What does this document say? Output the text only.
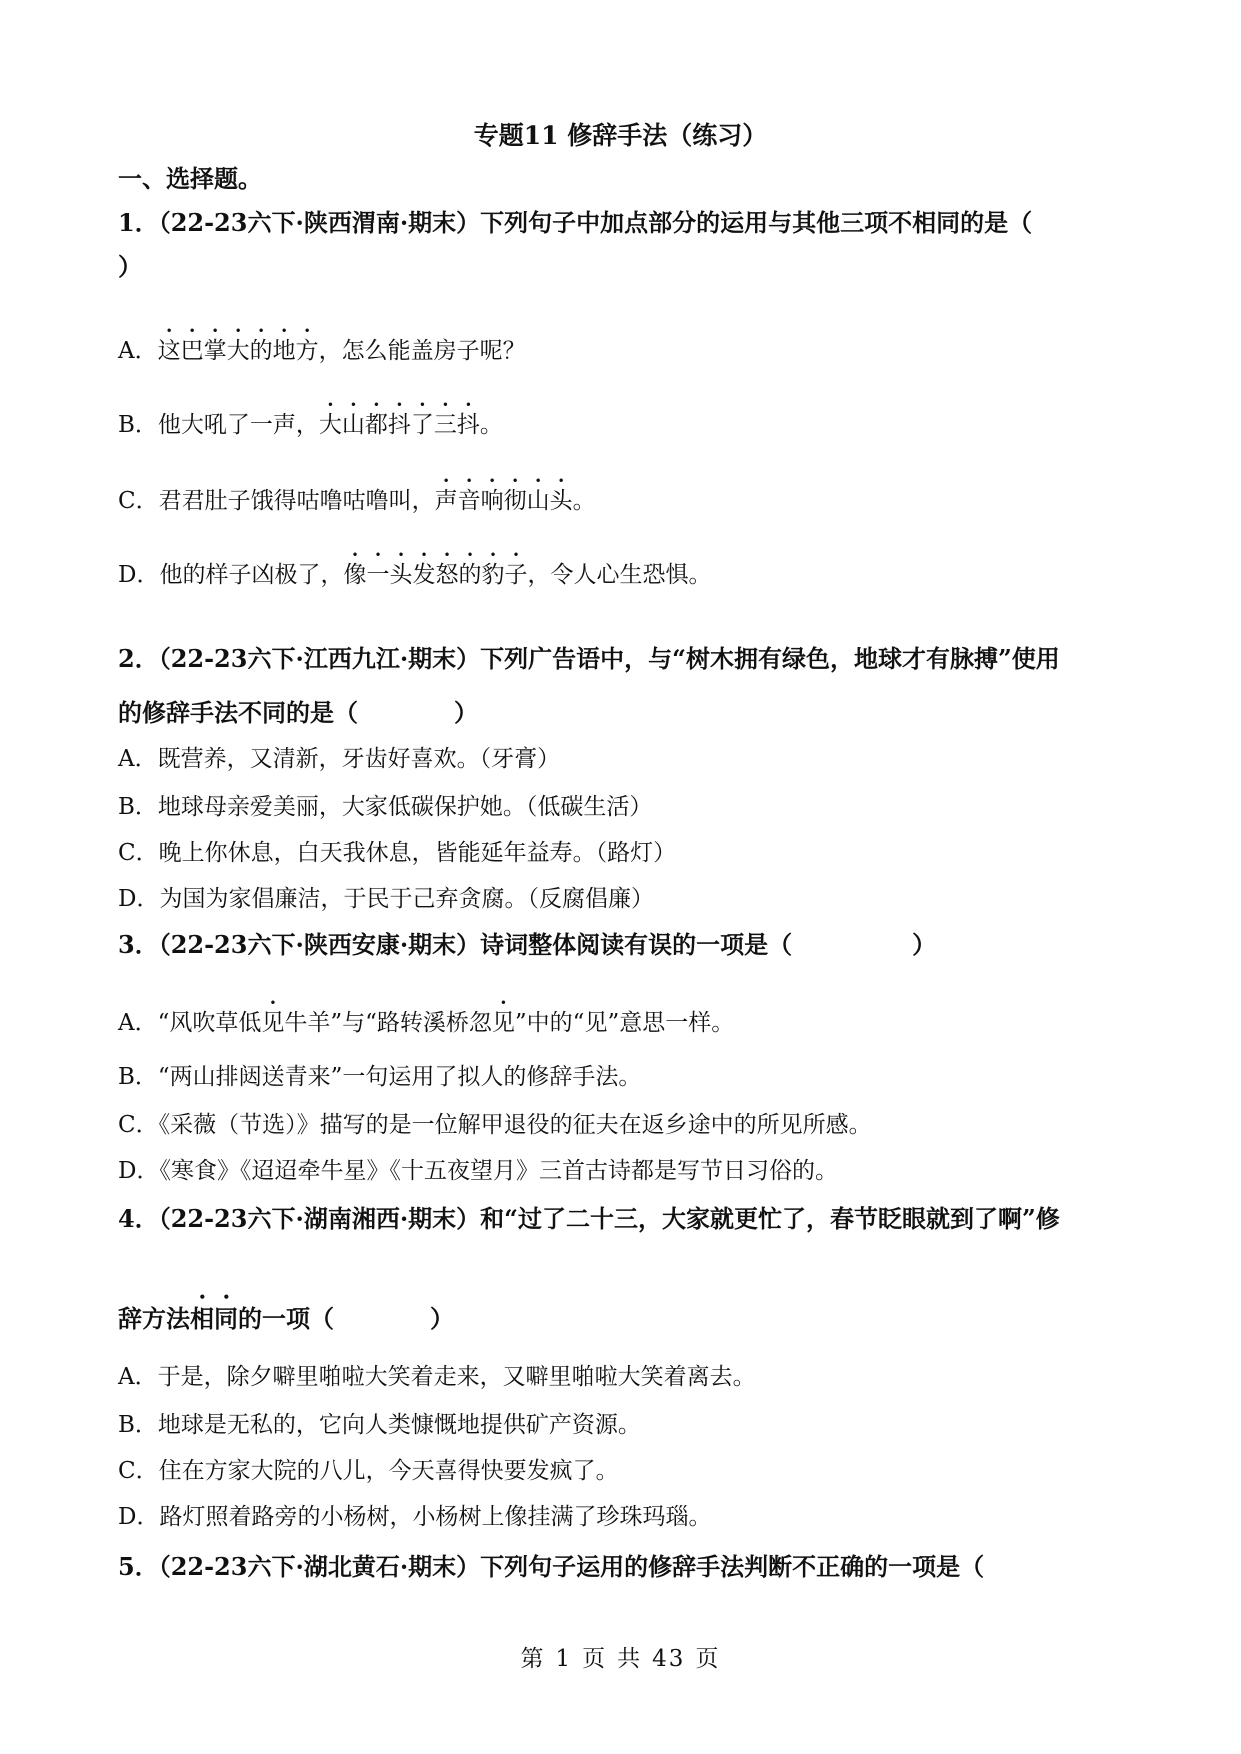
专题11 修辞手法（练习）
一、选择题。
1．（22-23六下·陕西渭南·期末）下列句子中加点部分的运用与其他三项不相同的是（
）
A．这巴掌大的地方，怎么能盖房子呢？
B．他大吼了一声，大山都抖了三抖。
C．君君肚子饿得咕噜咕噜叫，声音响彻山头。
D．他的样子凶极了，像一头发怒的豹子，令人心生恐惧。
2．（22-23六下·江西九江·期末）下列广告语中，与“树木拥有绿色，地球才有脉搏”使用
的修辞手法不同的是（　　　　）
A．既营养，又清新，牙齿好喜欢。（牙膏）
B．地球母亲爱美丽，大家低碳保护她。（低碳生活）
C．晚上你休息，白天我休息，皆能延年益寿。（路灯）
D．为国为家倡廉洁，于民于己弃贪腐。（反腐倡廉）
3．（22-23六下·陕西安康·期末）诗词整体阅读有误的一项是（　　　　　）
A．“风吹草低见牛羊”与“路转溪桥忽见”中的“见”意思一样。
B．“两山排闼送青来”一句运用了拟人的修辞手法。
C．《采薇（节选）》描写的是一位解甲退役的征夫在返乡途中的所见所感。
D．《寒食》《迢迢牵牛星》《十五夜望月》三首古诗都是写节日习俗的。
4．（22-23六下·湖南湘西·期末）和“过了二十三，大家就更忙了，春节眨眼就到了啊”修
辞方法相同的一项（　　　　）
A．于是，除夕噼里啪啦大笑着走来，又噼里啪啦大笑着离去。
B．地球是无私的，它向人类慷慨地提供矿产资源。
C．住在方家大院的八儿，今天喜得快要发疯了。
D．路灯照着路旁的小杨树，小杨树上像挂满了珍珠玛瑙。
5．（22-23六下·湖北黄石·期末）下列句子运用的修辞手法判断不正确的一项是（
第 1 页 共 43 页
